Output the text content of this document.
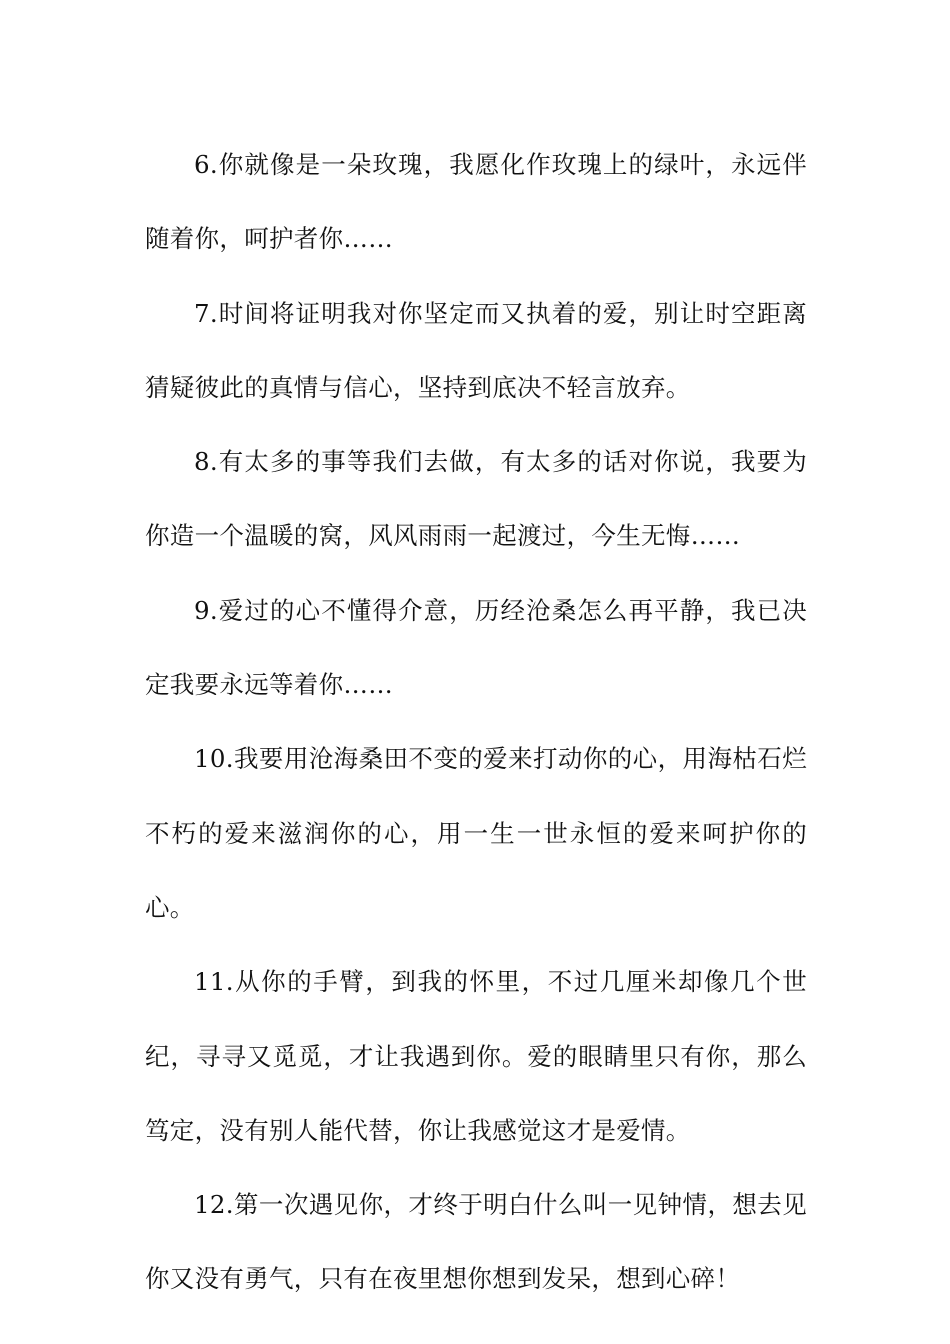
6.你就像是一朵玫瑰，我愿化作玫瑰上的绿叶，永远伴随着你，呵护者你……

7.时间将证明我对你坚定而又执着的爱，别让时空距离猜疑彼此的真情与信心，坚持到底决不轻言放弃。

8.有太多的事等我们去做，有太多的话对你说，我要为你造一个温暖的窝，风风雨雨一起渡过，今生无悔……

9.爱过的心不懂得介意，历经沧桑怎么再平静，我已决定我要永远等着你……

10.我要用沧海桑田不变的爱来打动你的心，用海枯石烂不朽的爱来滋润你的心，用一生一世永恒的爱来呵护你的心。

11.从你的手臂，到我的怀里，不过几厘米却像几个世纪，寻寻又觅觅，才让我遇到你。爱的眼睛里只有你，那么笃定，没有别人能代替，你让我感觉这才是爱情。

12.第一次遇见你，才终于明白什么叫一见钟情，想去见你又没有勇气，只有在夜里想你想到发呆，想到心碎！
